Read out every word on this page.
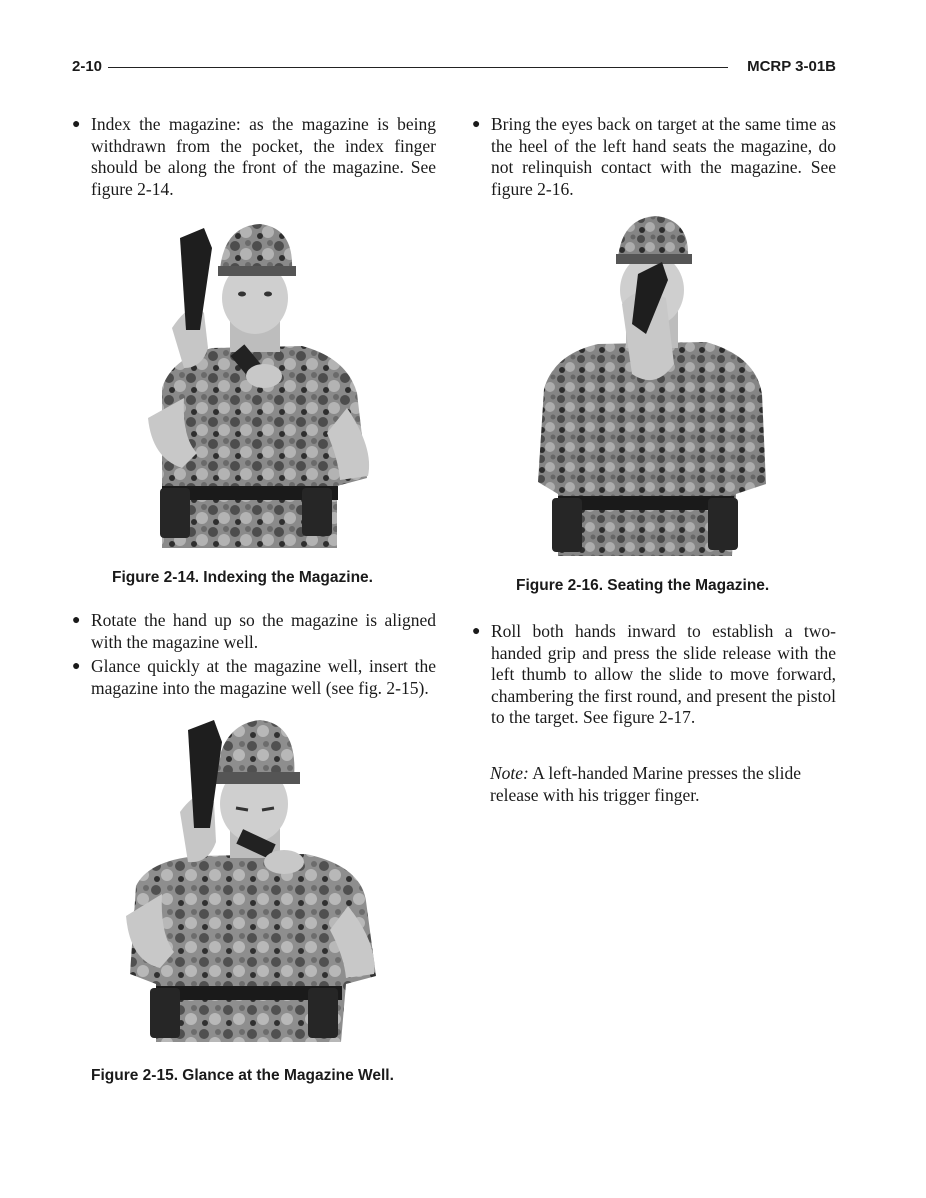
2-10	MCRP 3-01B
● Index the magazine: as the magazine is being withdrawn from the pocket, the index finger should be along the front of the magazine. See figure 2-14.
Figure 2-14. Indexing the Magazine.
● Rotate the hand up so the magazine is aligned with the magazine well.
● Glance quickly at the magazine well, insert the magazine into the magazine well (see fig. 2-15).
Figure 2-15. Glance at the Magazine Well.
● Bring the eyes back on target at the same time as the heel of the left hand seats the magazine, do not relinquish contact with the magazine. See figure 2-16.
Figure 2-16. Seating the Magazine.
● Roll both hands inward to establish a two-handed grip and press the slide release with the left thumb to allow the slide to move forward, chambering the first round, and present the pistol to the target. See figure 2-17.
Note: A left-handed Marine presses the slide release with his trigger finger.
